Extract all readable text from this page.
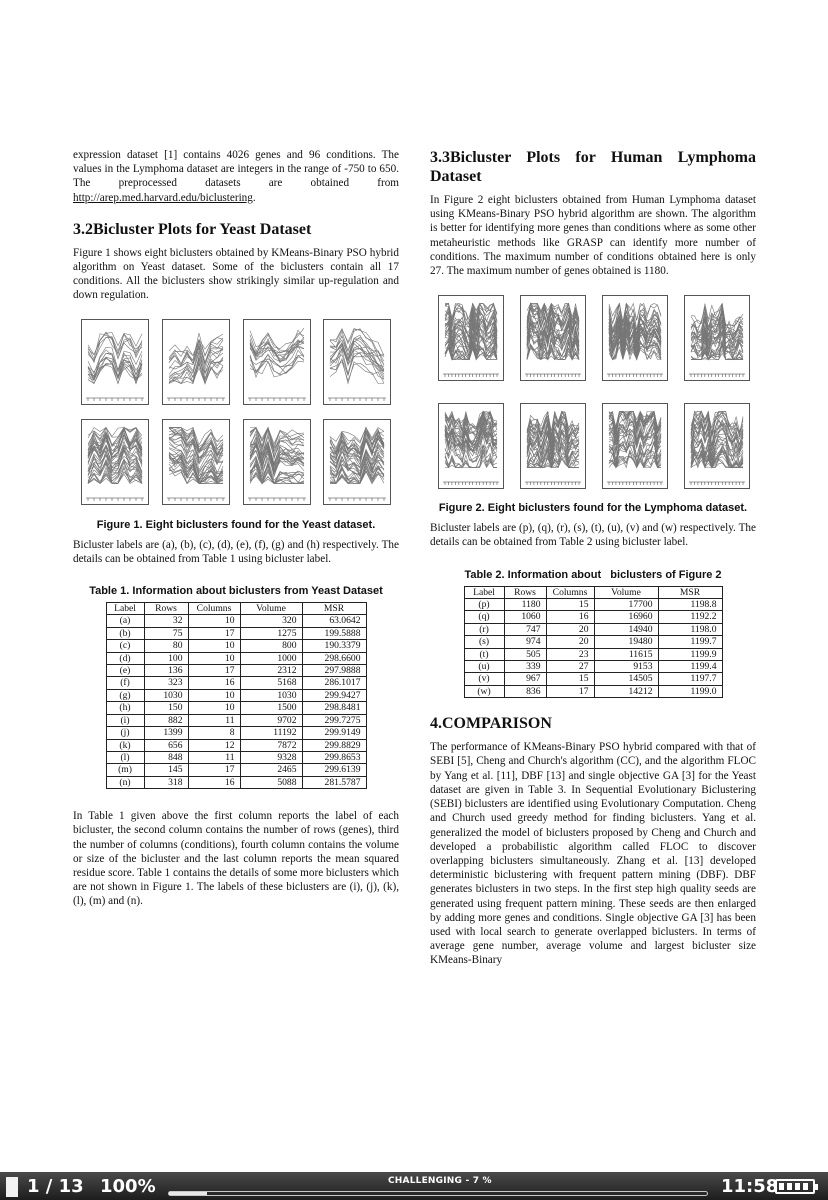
expression dataset [1] contains 4026 genes and 96 conditions. The values in the Lymphoma dataset are integers in the range of -750 to 650. The preprocessed datasets are obtained from http://arep.med.harvard.edu/biclustering.

3.2Bicluster Plots for Yeast Dataset

Figure 1 shows eight biclusters obtained by KMeans-Binary PSO hybrid algorithm on Yeast dataset. Some of the biclusters contain all 17 conditions. All the biclusters show strikingly similar up-regulation and down regulation.

Figure 1. Eight biclusters found for the Yeast dataset.

Bicluster labels are (a), (b), (c), (d), (e), (f), (g) and (h) respectively. The details can be obtained from Table 1 using bicluster label.

Table 1. Information about biclusters from Yeast Dataset

Label	Rows	Columns	Volume	MSR
(a)	32	10	320	63.0642
(b)	75	17	1275	199.5888
(c)	80	10	800	190.3379
(d)	100	10	1000	298.6600
(e)	136	17	2312	297.9888
(f)	323	16	5168	286.1017
(g)	1030	10	1030	299.9427
(h)	150	10	1500	298.8481
(i)	882	11	9702	299.7275
(j)	1399	8	11192	299.9149
(k)	656	12	7872	299.8829
(l)	848	11	9328	299.8653
(m)	145	17	2465	299.6139
(n)	318	16	5088	281.5787

In Table 1 given above the first column reports the label of each bicluster, the second column contains the number of rows (genes), third the number of columns (conditions), fourth column contains the volume or size of the bicluster and the last column reports the mean squared residue score. Table 1 contains the details of some more biclusters which are not shown in Figure 1. The labels of these biclusters are (i), (j), (k), (l), (m) and (n).

3.3Bicluster Plots for Human Lymphoma Dataset

In Figure 2 eight biclusters obtained from Human Lymphoma dataset using KMeans-Binary PSO hybrid algorithm are shown. The algorithm is better for identifying more genes than conditions where as some other metaheuristic methods like GRASP can identify more number of conditions. The maximum number of conditions obtained here is only 27. The maximum number of genes obtained is 1180.

Figure 2. Eight biclusters found for the Lymphoma dataset.

Bicluster labels are (p), (q), (r), (s), (t), (u), (v) and (w) respectively. The details can be obtained from Table 2 using bicluster label.

Table 2. Information about   biclusters of Figure 2

Label	Rows	Columns	Volume	MSR
(p)	1180	15	17700	1198.8
(q)	1060	16	16960	1192.2
(r)	747	20	14940	1198.0
(s)	974	20	19480	1199.7
(t)	505	23	11615	1199.9
(u)	339	27	9153	1199.4
(v)	967	15	14505	1197.7
(w)	836	17	14212	1199.0
4.COMPARISON

The performance of KMeans-Binary PSO hybrid compared with that of SEBI [5], Cheng and Church's algorithm (CC), and the algorithm FLOC by Yang et al. [11], DBF [13] and single objective GA [3] for the Yeast dataset are given in Table 3. In Sequential Evolutionary Biclustering (SEBI) biclusters are identified using Evolutionary Computation. Cheng and Church used greedy method for finding biclusters. Yang et al. generalized the model of biclusters proposed by Cheng and Church and developed a probabilistic algorithm called FLOC to discover overlapping biclusters simultaneously. Zhang et al. [13] developed deterministic biclustering with frequent pattern mining (DBF). DBF generates biclusters in two steps. In the first step high quality seeds are generated using frequent pattern mining. These seeds are then enlarged by adding more genes and conditions. Single objective GA [3] has been used with local search to generate overlapped biclusters. In terms of average gene number, average volume and largest bicluster size KMeans-Binary

1 / 13 100%	CHALLENGING - 7 %	11:58
